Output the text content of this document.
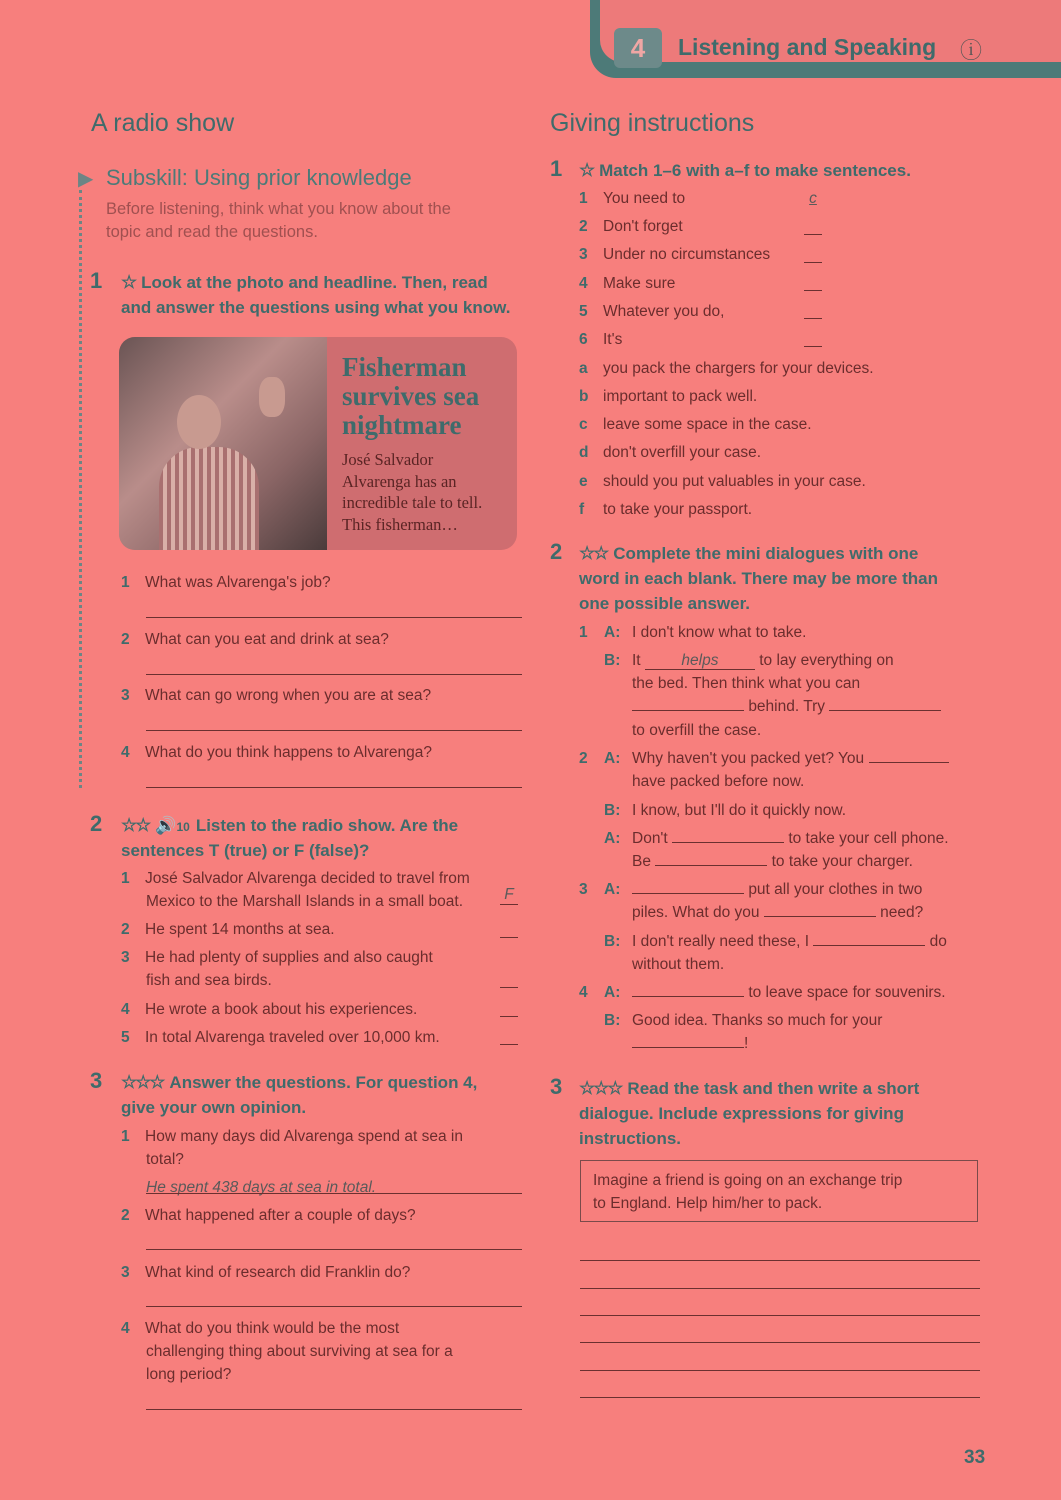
4	Listening and Speaking ⓘ
A radio show
▶ Subskill: Using prior knowledge
Before listening, think what you know about the
topic and read the questions.
1 ☆ Look at the photo and headline. Then, read
and answer the questions using what you know.
Fisherman
survives sea
nightmare
José Salvador
Alvarenga has an
incredible tale to tell.
This fisherman…
1 What was Alvarenga's job?
2 What can you eat and drink at sea?
3 What can go wrong when you are at sea?
4 What do you think happens to Alvarenga?
2 ☆☆ 🔊10 Listen to the radio show. Are the
sentences T (true) or F (false)?
1 José Salvador Alvarenga decided to travel from
Mexico to the Marshall Islands in a small boat.	F
2 He spent 14 months at sea.
3 He had plenty of supplies and also caught
fish and sea birds.
4 He wrote a book about his experiences.
5 In total Alvarenga traveled over 10,000 km.
3 ☆☆☆ Answer the questions. For question 4,
give your own opinion.
1 How many days did Alvarenga spend at sea in
total?
He spent 438 days at sea in total.
2 What happened after a couple of days?
3 What kind of research did Franklin do?
4 What do you think would be the most
challenging thing about surviving at sea for a
long period?
Giving instructions
1 ☆ Match 1–6 with a–f to make sentences.
1 You need to	c
2 Don't forget
3 Under no circumstances
4 Make sure
5 Whatever you do,
6 It's
a you pack the chargers for your devices.
b important to pack well.
c leave some space in the case.
d don't overfill your case.
e should you put valuables in your case.
f to take your passport.
2 ☆☆ Complete the mini dialogues with one
word in each blank. There may be more than
one possible answer.
1	A: I don't know what to take.
B: It	helps	to lay everything on
the bed. Then think what you can
behind. Try
to overfill the case.
2	A: Why haven't you packed yet? You
have packed before now.
B: I know, but I'll do it quickly now.
A: Don't	to take your cell phone.
Be	to take your charger.
3	A:	put all your clothes in two
piles. What do you	need?
B: I don't really need these, I	do
without them.
4	A:	to leave space for souvenirs.
B: Good idea. Thanks so much for your
!
3 ☆☆☆ Read the task and then write a short
dialogue. Include expressions for giving
instructions.
Imagine a friend is going on an exchange trip
to England. Help him/her to pack.
33
